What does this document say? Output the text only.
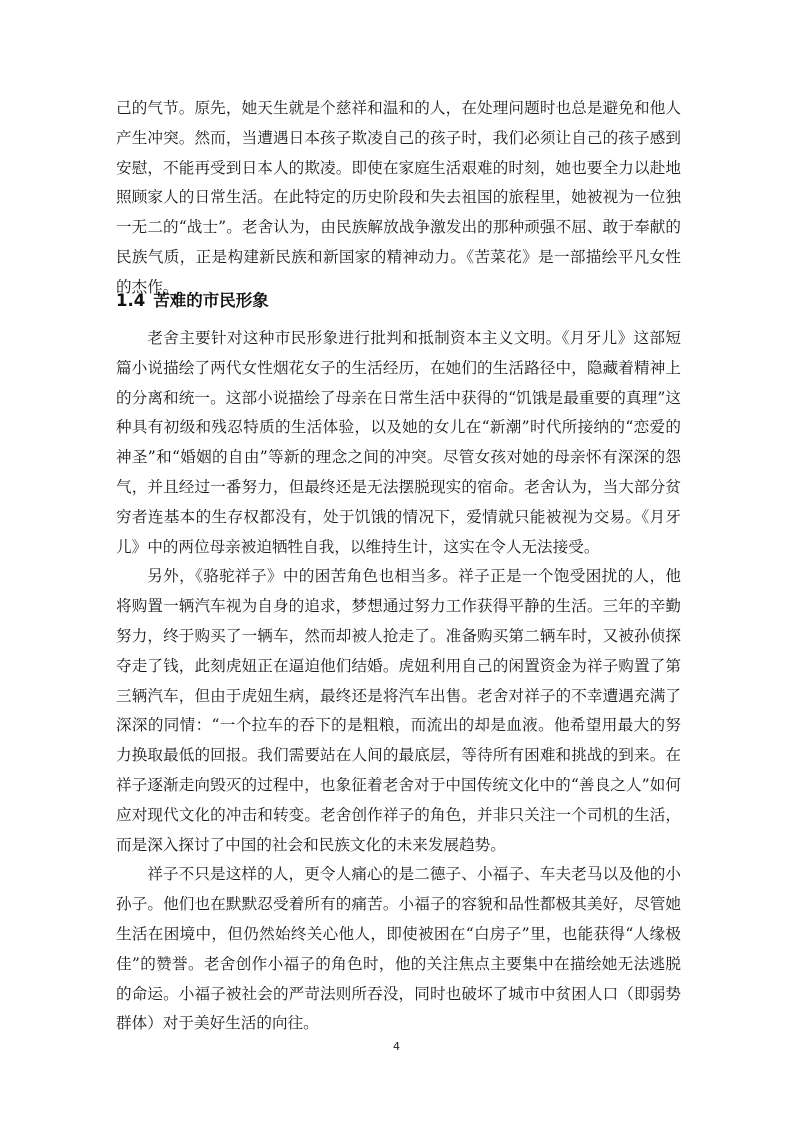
己的气节。原先，她天生就是个慈祥和温和的人，在处理问题时也总是避免和他人产生冲突。然而，当遭遇日本孩子欺凌自己的孩子时，我们必须让自己的孩子感到安慰，不能再受到日本人的欺凌。即使在家庭生活艰难的时刻，她也要全力以赴地照顾家人的日常生活。在此特定的历史阶段和失去祖国的旅程里，她被视为一位独一无二的“战士”。老舍认为，由民族解放战争激发出的那种顽强不屈、敢于奉献的民族气质，正是构建新民族和新国家的精神动力。《苦菜花》是一部描绘平凡女性的杰作。

1.4 苦难的市民形象

老舍主要针对这种市民形象进行批判和抵制资本主义文明。《月牙儿》这部短篇小说描绘了两代女性烟花女子的生活经历，在她们的生活路径中，隐藏着精神上的分离和统一。这部小说描绘了母亲在日常生活中获得的“饥饿是最重要的真理”这种具有初级和残忍特质的生活体验，以及她的女儿在“新潮”时代所接纳的“恋爱的神圣”和“婚姻的自由”等新的理念之间的冲突。尽管女孩对她的母亲怀有深深的怨气，并且经过一番努力，但最终还是无法摆脱现实的宿命。老舍认为，当大部分贫穷者连基本的生存权都没有，处于饥饿的情况下，爱情就只能被视为交易。《月牙儿》中的两位母亲被迫牺牲自我，以维持生计，这实在令人无法接受。

另外，《骆驼祥子》中的困苦角色也相当多。祥子正是一个饱受困扰的人，他将购置一辆汽车视为自身的追求，梦想通过努力工作获得平静的生活。三年的辛勤努力，终于购买了一辆车，然而却被人抢走了。准备购买第二辆车时，又被孙侦探夺走了钱，此刻虎妞正在逼迫他们结婚。虎妞利用自己的闲置资金为祥子购置了第三辆汽车，但由于虎妞生病，最终还是将汽车出售。老舍对祥子的不幸遭遇充满了深深的同情：“一个拉车的吞下的是粗粮，而流出的却是血液。他希望用最大的努力换取最低的回报。我们需要站在人间的最底层，等待所有困难和挑战的到来。在祥子逐渐走向毁灭的过程中，也象征着老舍对于中国传统文化中的“善良之人”如何应对现代文化的冲击和转变。老舍创作祥子的角色，并非只关注一个司机的生活，而是深入探讨了中国的社会和民族文化的未来发展趋势。

祥子不只是这样的人，更令人痛心的是二德子、小福子、车夫老马以及他的小孙子。他们也在默默忍受着所有的痛苦。小福子的容貌和品性都极其美好，尽管她生活在困境中，但仍然始终关心他人，即使被困在“白房子”里，也能获得“人缘极佳”的赞誉。老舍创作小福子的角色时，他的关注焦点主要集中在描绘她无法逃脱的命运。小福子被社会的严苛法则所吞没，同时也破坏了城市中贫困人口（即弱势群体）对于美好生活的向往。

4
